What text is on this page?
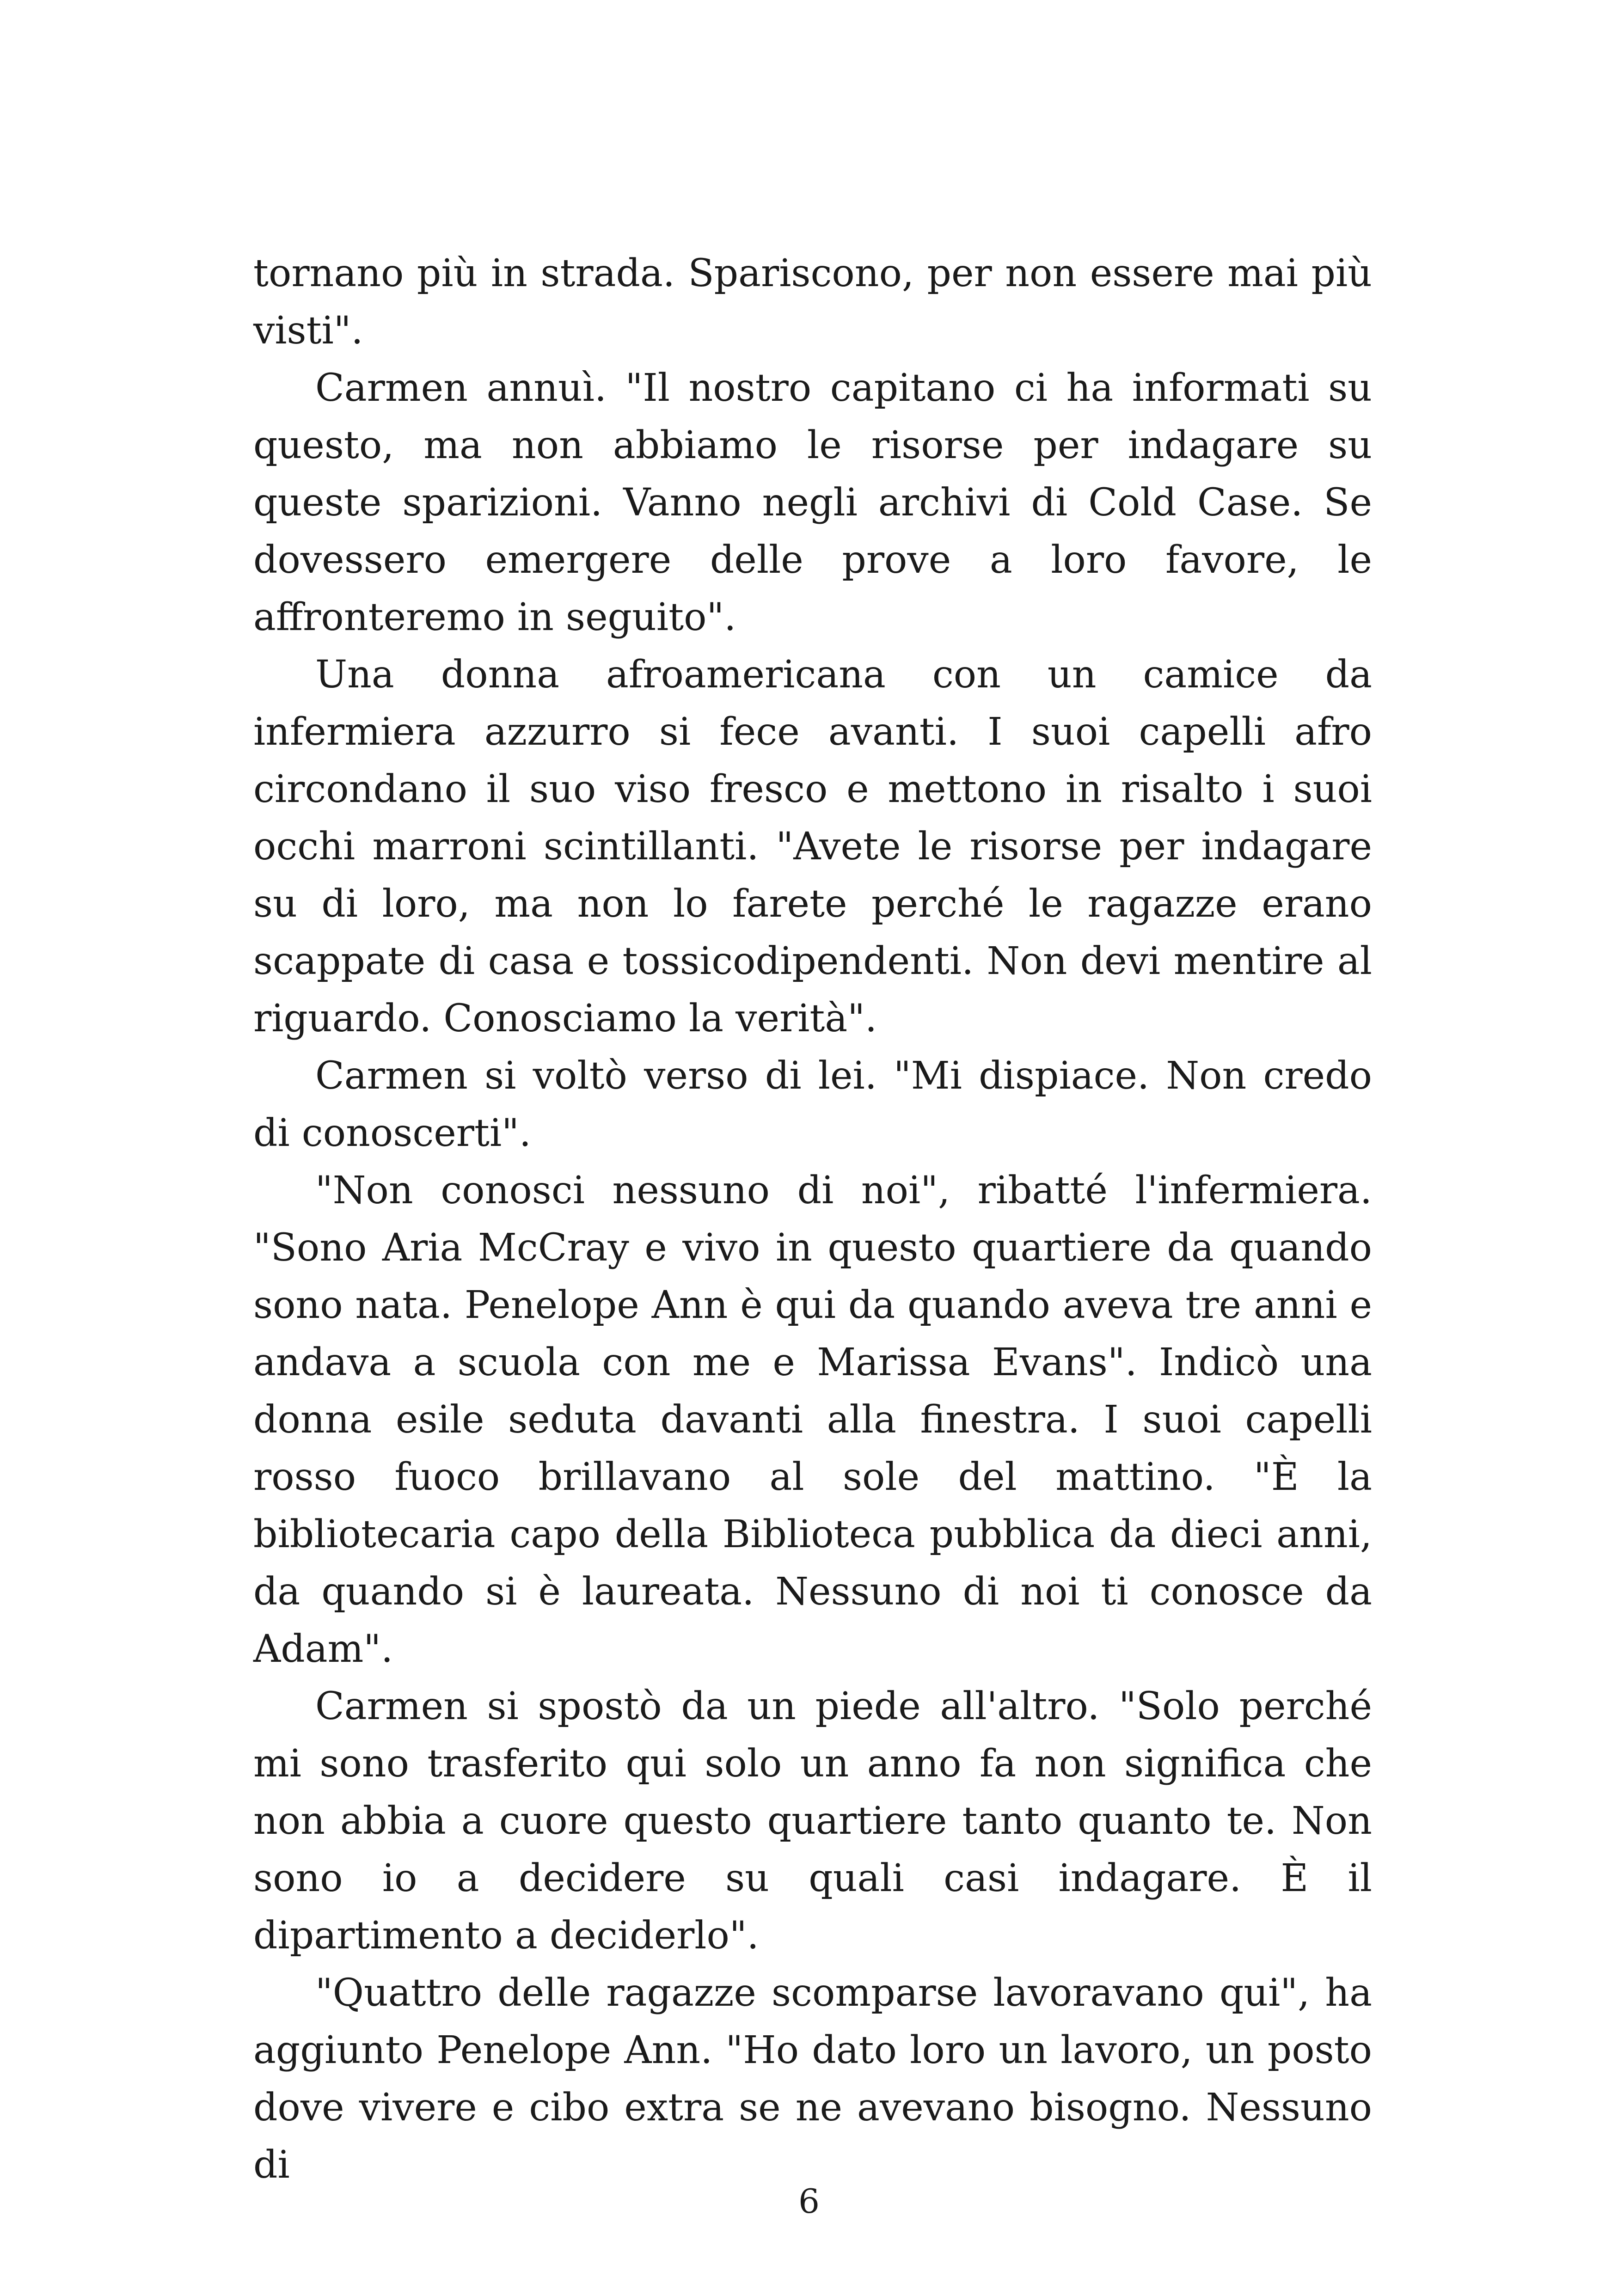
tornano più in strada. Spariscono, per non essere mai più visti".

Carmen annuì. "Il nostro capitano ci ha informati su questo, ma non abbiamo le risorse per indagare su queste sparizioni. Vanno negli archivi di Cold Case. Se dovessero emergere delle prove a loro favore, le affronteremo in seguito".

Una donna afroamericana con un camice da infermiera azzurro si fece avanti. I suoi capelli afro circondano il suo viso fresco e mettono in risalto i suoi occhi marroni scintillanti. "Avete le risorse per indagare su di loro, ma non lo farete perché le ragazze erano scappate di casa e tossicodipendenti. Non devi mentire al riguardo. Conosciamo la verità".

Carmen si voltò verso di lei. "Mi dispiace. Non credo di conoscerti".

"Non conosci nessuno di noi", ribatté l'infermiera. "Sono Aria McCray e vivo in questo quartiere da quando sono nata. Penelope Ann è qui da quando aveva tre anni e andava a scuola con me e Marissa Evans". Indicò una donna esile seduta davanti alla finestra. I suoi capelli rosso fuoco brillavano al sole del mattino. "È la bibliotecaria capo della Biblioteca pubblica da dieci anni, da quando si è laureata. Nessuno di noi ti conosce da Adam".

Carmen si spostò da un piede all'altro. "Solo perché mi sono trasferito qui solo un anno fa non significa che non abbia a cuore questo quartiere tanto quanto te. Non sono io a decidere su quali casi indagare. È il dipartimento a deciderlo".

"Quattro delle ragazze scomparse lavoravano qui", ha aggiunto Penelope Ann. "Ho dato loro un lavoro, un posto dove vivere e cibo extra se ne avevano bisogno. Nessuno di

6
